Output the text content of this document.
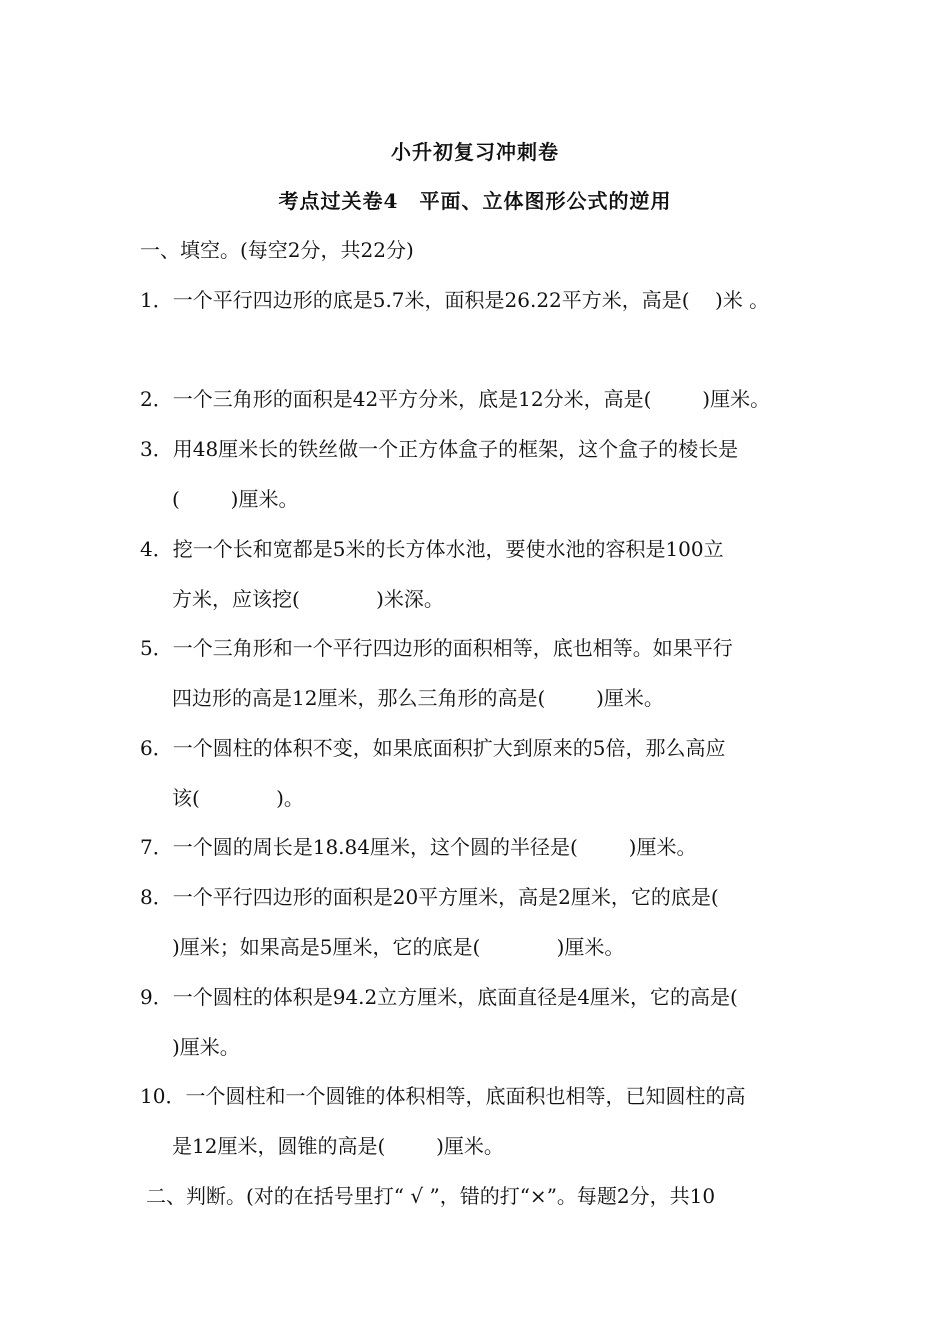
小升初复习冲刺卷
考点过关卷4　平面、立体图形公式的逆用
一、填空。(每空2分，共22分)
1．一个平行四边形的底是5.7米，面积是26.22平方米，高是(    )米 。
2．一个三角形的面积是42平方分米，底是12分米，高是(        )厘米。
3．用48厘米长的铁丝做一个正方体盒子的框架，这个盒子的棱长是
(        )厘米。
4．挖一个长和宽都是5米的长方体水池，要使水池的容积是100立
方米，应该挖(            )米深。
5．一个三角形和一个平行四边形的面积相等，底也相等。如果平行
四边形的高是12厘米，那么三角形的高是(        )厘米。
6．一个圆柱的体积不变，如果底面积扩大到原来的5倍，那么高应
该(            )。
7．一个圆的周长是18.84厘米，这个圆的半径是(        )厘米。
8．一个平行四边形的面积是20平方厘米，高是2厘米，它的底是(
)厘米；如果高是5厘米，它的底是(            )厘米。
9．一个圆柱的体积是94.2立方厘米，底面直径是4厘米，它的高是(
)厘米。
10．一个圆柱和一个圆锥的体积相等，底面积也相等，已知圆柱的高
是12厘米，圆锥的高是(        )厘米。
二、判断。(对的在括号里打“ √ ”，错的打“×”。每题2分，共10
